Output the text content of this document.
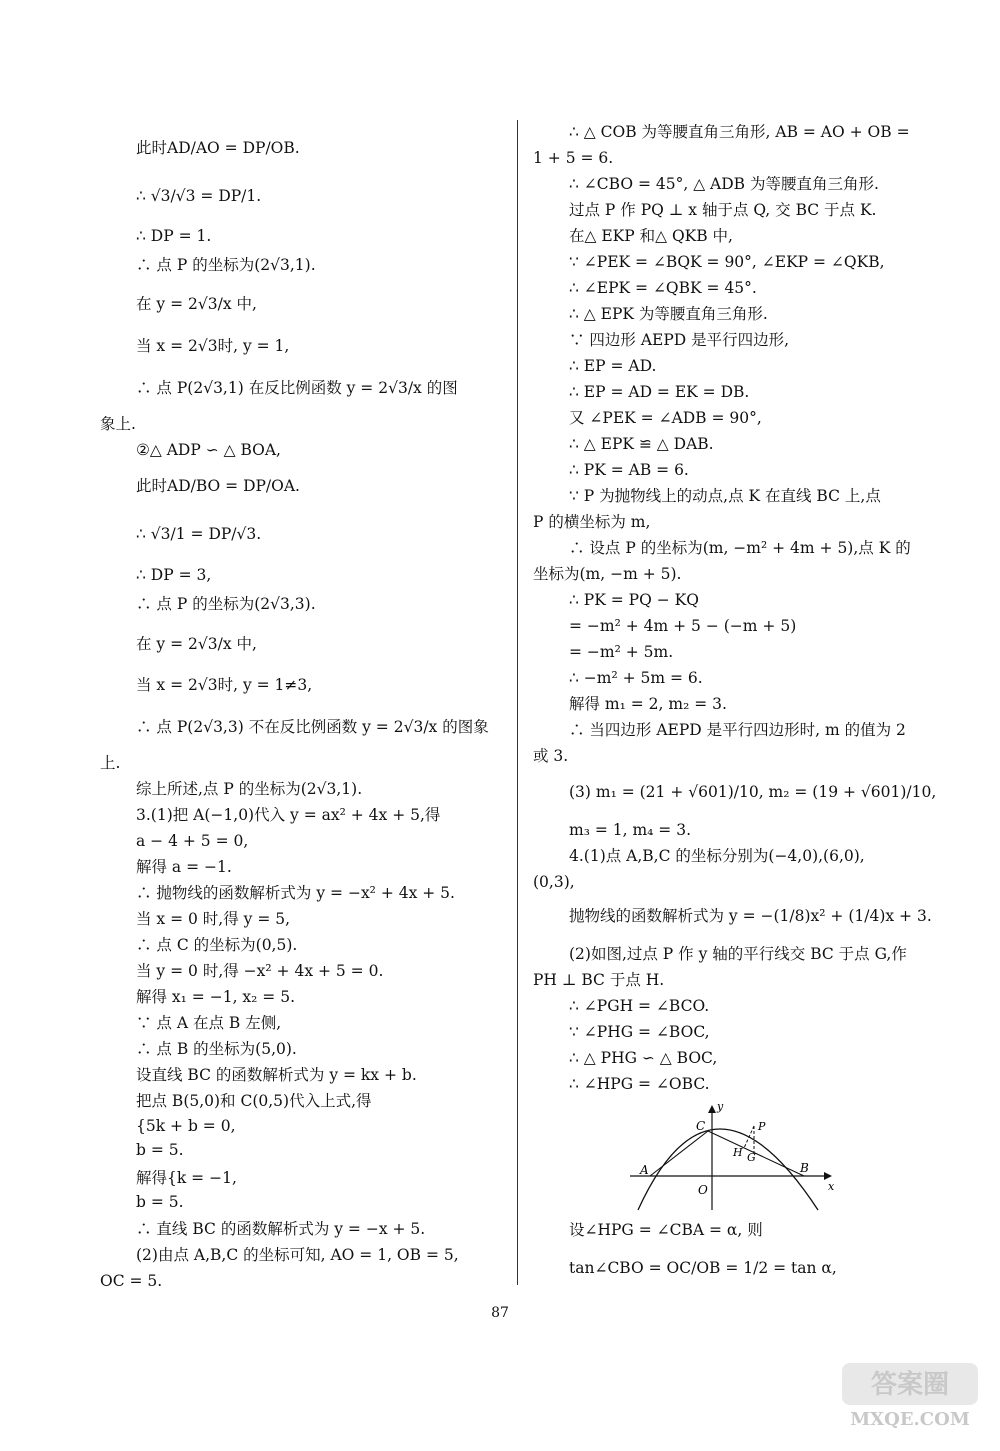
此时AD/AO = DP/OB.
∴ √3/√3 = DP/1.
∴ DP = 1.
∴ 点 P 的坐标为(2√3,1).
在 y = 2√3/x 中,
当 x = 2√3时, y = 1,
∴ 点 P(2√3,1) 在反比例函数 y = 2√3/x 的图
象上.
②△ ADP ∽ △ BOA,
此时AD/BO = DP/OA.
∴ √3/1 = DP/√3.
∴ DP = 3,
∴ 点 P 的坐标为(2√3,3).
在 y = 2√3/x 中,
当 x = 2√3时, y = 1≠3,
∴ 点 P(2√3,3) 不在反比例函数 y = 2√3/x 的图象
上.
综上所述,点 P 的坐标为(2√3,1).
3.(1)把 A(−1,0)代入 y = ax² + 4x + 5,得
a − 4 + 5 = 0,
解得 a = −1.
∴ 抛物线的函数解析式为 y = −x² + 4x + 5.
当 x = 0 时,得 y = 5,
∴ 点 C 的坐标为(0,5).
当 y = 0 时,得 −x² + 4x + 5 = 0.
解得 x₁ = −1, x₂ = 5.
∵ 点 A 在点 B 左侧,
∴ 点 B 的坐标为(5,0).
设直线 BC 的函数解析式为 y = kx + b.
把点 B(5,0)和 C(0,5)代入上式,得
{5k + b = 0,
b = 5.
解得{k = −1,
b = 5.
∴ 直线 BC 的函数解析式为 y = −x + 5.
(2)由点 A,B,C 的坐标可知, AO = 1, OB = 5,
OC = 5.
∴ △ COB 为等腰直角三角形, AB = AO + OB =
1 + 5 = 6.
∴ ∠CBO = 45°, △ ADB 为等腰直角三角形.
过点 P 作 PQ ⊥ x 轴于点 Q, 交 BC 于点 K.
在△ EKP 和△ QKB 中,
∵ ∠PEK = ∠BQK = 90°, ∠EKP = ∠QKB,
∴ ∠EPK = ∠QBK = 45°.
∴ △ EPK 为等腰直角三角形.
∵ 四边形 AEPD 是平行四边形,
∴ EP = AD.
∴ EP = AD = EK = DB.
又 ∠PEK = ∠ADB = 90°,
∴ △ EPK ≌ △ DAB.
∴ PK = AB = 6.
∵ P 为抛物线上的动点,点 K 在直线 BC 上,点
P 的横坐标为 m,
∴ 设点 P 的坐标为(m, −m² + 4m + 5),点 K 的
坐标为(m, −m + 5).
∴ PK = PQ − KQ
= −m² + 4m + 5 − (−m + 5)
= −m² + 5m.
∴ −m² + 5m = 6.
解得 m₁ = 2, m₂ = 3.
∴ 当四边形 AEPD 是平行四边形时, m 的值为 2
或 3.
(3) m₁ = (21 + √601)/10, m₂ = (19 + √601)/10,
m₃ = 1, m₄ = 3.
4.(1)点 A,B,C 的坐标分别为(−4,0),(6,0),
(0,3),
抛物线的函数解析式为 y = −(1/8)x² + (1/4)x + 3.
(2)如图,过点 P 作 y 轴的平行线交 BC 于点 G,作
PH ⊥ BC 于点 H.
∴ ∠PGH = ∠BCO.
∵ ∠PHG = ∠BOC,
∴ △ PHG ∽ △ BOC,
∴ ∠HPG = ∠OBC.
设∠HPG = ∠CBA = α, 则
tan∠CBO = OC/OB = 1/2 = tan α,
y
C	P
H G
A	B
O	x
87
答案圈
MXQE.COM
